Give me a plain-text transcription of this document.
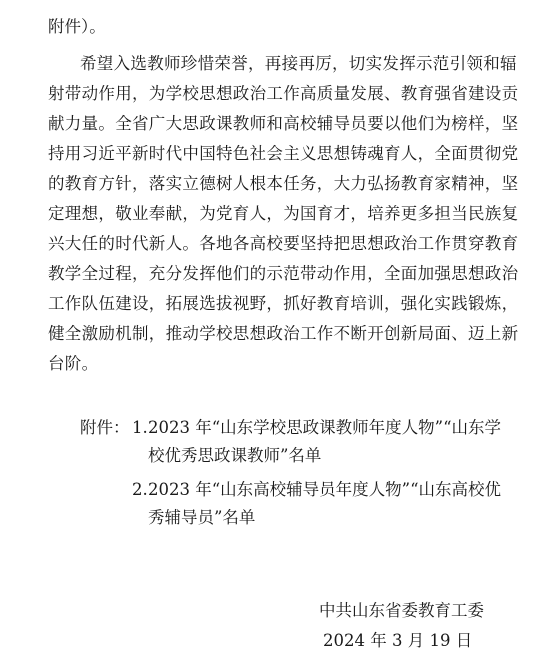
附件）。
希望入选教师珍惜荣誉，再接再厉，切实发挥示范引领和辐
射带动作用，为学校思想政治工作高质量发展、教育强省建设贡
献力量。全省广大思政课教师和高校辅导员要以他们为榜样，坚
持用习近平新时代中国特色社会主义思想铸魂育人，全面贯彻党
的教育方针，落实立德树人根本任务，大力弘扬教育家精神，坚
定理想，敬业奉献，为党育人，为国育才，培养更多担当民族复
兴大任的时代新人。各地各高校要坚持把思想政治工作贯穿教育
教学全过程，充分发挥他们的示范带动作用，全面加强思想政治
工作队伍建设，拓展选拔视野，抓好教育培训，强化实践锻炼，
健全激励机制，推动学校思想政治工作不断开创新局面、迈上新
台阶。
附件： 1. 2023 年“山东学校思政课教师年度人物”“山东学
校优秀思政课教师”名单
2. 2023 年“山东高校辅导员年度人物”“山东高校优
秀辅导员”名单
中共山东省委教育工委
2024 年 3 月 19 日
